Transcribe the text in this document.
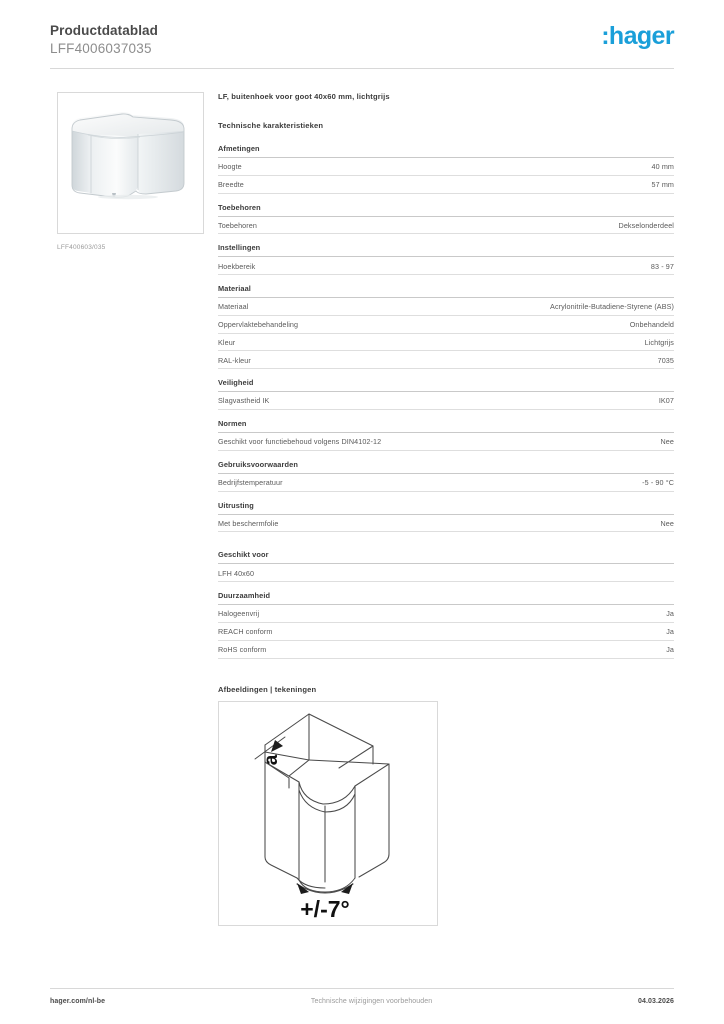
Productdatablad
LFF4006037035	:hager
LFF400603/035
LF, buitenhoek voor goot 40x60 mm, lichtgrijs
Technische karakteristieken
Afmetingen
Hoogte	40 mm
Breedte	57 mm
Toebehoren
Toebehoren	Dekselonderdeel
Instellingen
Hoekbereik	83 - 97
Materiaal
Materiaal	Acrylonitrile-Butadiene-Styrene (ABS)
Oppervlaktebehandeling	Onbehandeld
Kleur	Lichtgrijs
RAL-kleur	7035
Veiligheid
Slagvastheid IK	IK07
Normen
Geschikt voor functiebehoud volgens DIN4102-12	Nee
Gebruiksvoorwaarden
Bedrijfstemperatuur	-5 - 90 °C
Uitrusting
Met beschermfolie	Nee
Geschikt voor
LFH 40x60
Duurzaamheid
Halogeenvrij	Ja
REACH conform	Ja
RoHS conform	Ja
Afbeeldingen | tekeningen
a
+/-7°
hager.com/nl-be	Technische wijzigingen voorbehouden	04.03.2026
